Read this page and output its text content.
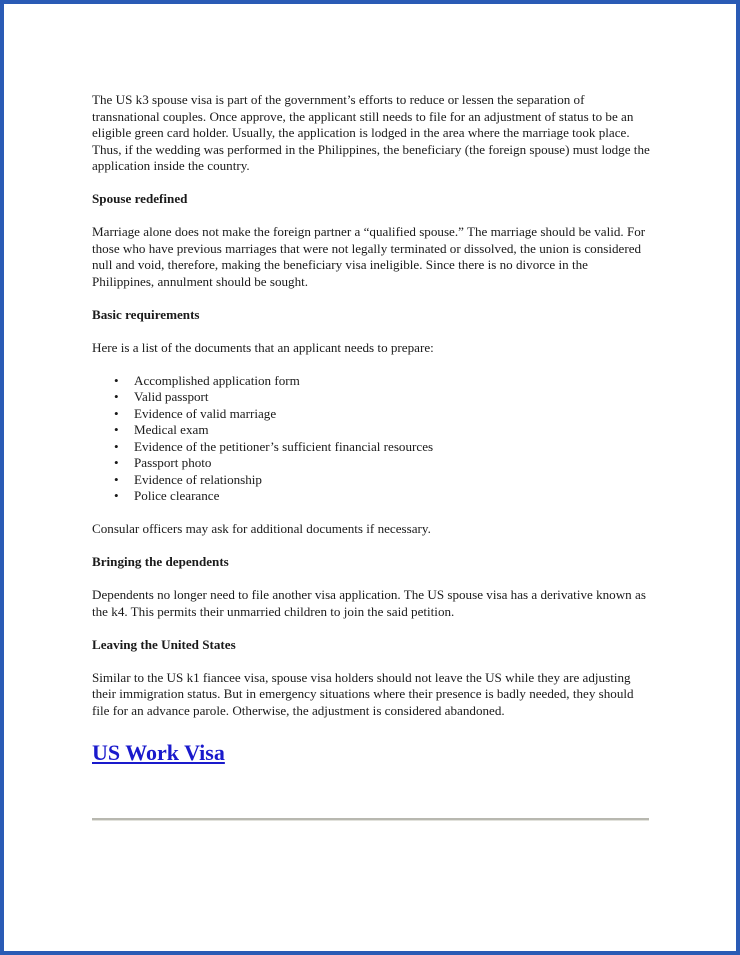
The US k3 spouse visa is part of the government’s efforts to reduce or lessen the separation of transnational couples. Once approve, the applicant still needs to file for an adjustment of status to be an eligible green card holder. Usually, the application is lodged in the area where the marriage took place. Thus, if the wedding was performed in the Philippines, the beneficiary (the foreign spouse) must lodge the application inside the country.

Spouse redefined

Marriage alone does not make the foreign partner a “qualified spouse.” The marriage should be valid. For those who have previous marriages that were not legally terminated or dissolved, the union is considered null and void, therefore, making the beneficiary visa ineligible. Since there is no divorce in the Philippines, annulment should be sought.

Basic requirements

Here is a list of the documents that an applicant needs to prepare:

• Accomplished application form
• Valid passport
• Evidence of valid marriage
• Medical exam
• Evidence of the petitioner’s sufficient financial resources
• Passport photo
• Evidence of relationship
• Police clearance

Consular officers may ask for additional documents if necessary.

Bringing the dependents

Dependents no longer need to file another visa application. The US spouse visa has a derivative known as the k4. This permits their unmarried children to join the said petition.

Leaving the United States

Similar to the US k1 fiancee visa, spouse visa holders should not leave the US while they are adjusting their immigration status. But in emergency situations where their presence is badly needed, they should file for an advance parole. Otherwise, the adjustment is considered abandoned.

US Work Visa
